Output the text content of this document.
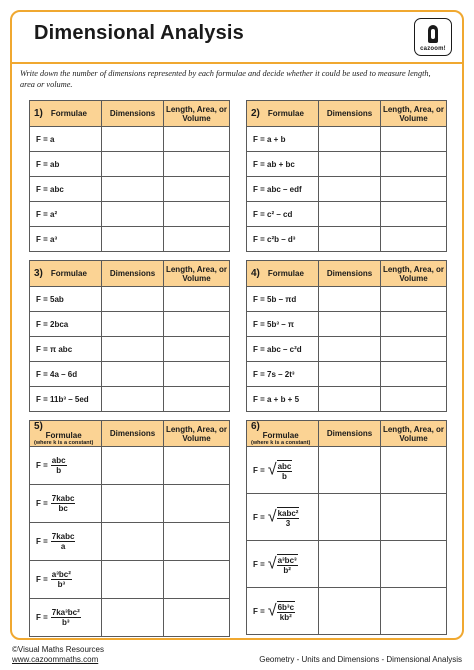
Dimensional Analysis
cazoom!
Write down the number of dimensions represented by each formulae and decide whether it could be used to measure length, area or volume.
1) Formulae	Dimensions	Length, Area, or Volume
F = a		
F = ab		
F = abc		
F = a²		
F = a³		
2) Formulae	Dimensions	Length, Area, or Volume
F = a + b		
F = ab + bc		
F = abc – edf		
F = c² – cd		
F = c²b – d³		
3) Formulae	Dimensions	Length, Area, or Volume
F = 5ab		
F = 2bca		
F = π abc		
F = 4a – 6d		
F = 11b³ – 5ed		
4) Formulae	Dimensions	Length, Area, or Volume
F = 5b – πd		
F = 5b³ – π		
F = abc – c²d		
F = 7s – 2t³		
F = a + b + 5		
5)Formulae
(where k is a constant)	Dimensions	Length, Area, or Volume
$F = \frac{\text{abc}}{b}$

$F = \frac{\text{7kabc}}{bc}$

$F = \frac{\text{7kabc}}{a}$

$F = \frac{\text{a³bc²}}{\text{b³}}$

$F = \frac{\text{7ka³bc²}}{\text{b³}}$

6)Formulae
(where k is a constant)	Dimensions	Length, Area, or Volume
F = √ $\frac{\text{abc}}{b}$

F = √ $\frac{\text{kabc²}}{3}$

F = √ $\frac{\text{a³bc³}}{\text{b²}}$

F = √ $\frac{\text{6b³c}}{\text{kb²}}$

©Visual Maths Resources
www.cazoommaths.com	Geometry - Units and Dimensions - Dimensional Analysis
